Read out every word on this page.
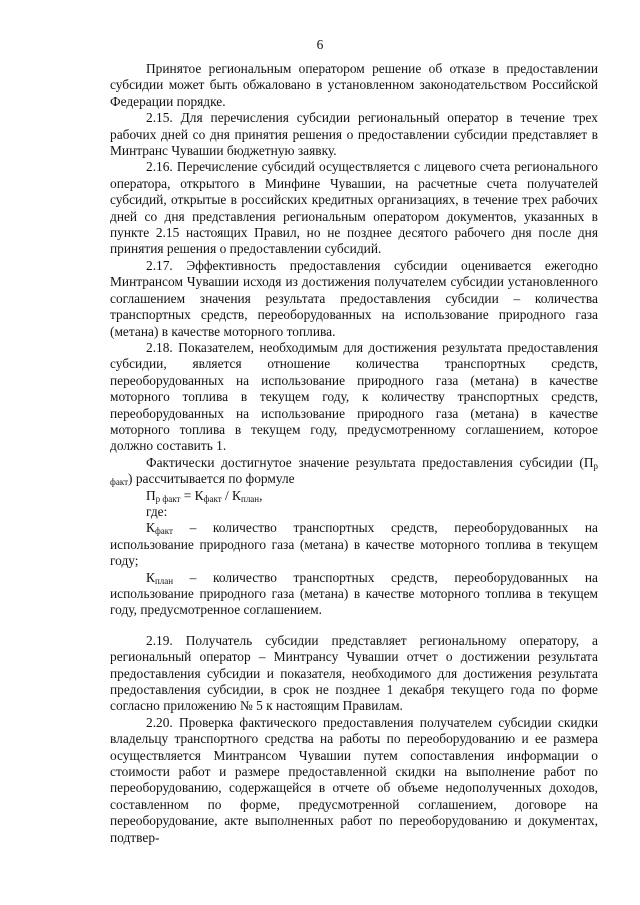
6

Принятое региональным оператором решение об отказе в предоставлении субсидии может быть обжаловано в установленном законодательством Российской Федерации порядке.

2.15. Для перечисления субсидии региональный оператор в течение трех рабочих дней со дня принятия решения о предоставлении субсидии представляет в Минтранс Чувашии бюджетную заявку.

2.16. Перечисление субсидий осуществляется с лицевого счета регионального оператора, открытого в Минфине Чувашии, на расчетные счета получателей субсидий, открытые в российских кредитных организациях, в течение трех рабочих дней со дня представления региональным оператором документов, указанных в пункте 2.15 настоящих Правил, но не позднее десятого рабочего дня после дня принятия решения о предоставлении субсидий.

2.17. Эффективность предоставления субсидии оценивается ежегодно Минтрансом Чувашии исходя из достижения получателем субсидии установленного соглашением значения результата предоставления субсидии – количества транспортных средств, переоборудованных на использование природного газа (метана) в качестве моторного топлива.

2.18. Показателем, необходимым для достижения результата предоставления субсидии, является отношение количества транспортных средств, переоборудованных на использование природного газа (метана) в качестве моторного топлива в текущем году, к количеству транспортных средств, переоборудованных на использование природного газа (метана) в качестве моторного топлива в текущем году, предусмотренному соглашением, которое должно составить 1.

Фактически достигнутое значение результата предоставления субсидии $(П_{р факт})$ рассчитывается по формуле

$П_{р факт} = К_{факт} / К_{план}$,

где:

$К_{факт}$ – количество транспортных средств, переоборудованных на использование природного газа (метана) в качестве моторного топлива в текущем году;

$К_{план}$ – количество транспортных средств, переоборудованных на использование природного газа (метана) в качестве моторного топлива в текущем году, предусмотренное соглашением.

2.19. Получатель субсидии представляет региональному оператору, а региональный оператор – Минтрансу Чувашии отчет о достижении результата предоставления субсидии и показателя, необходимого для достижения результата предоставления субсидии, в срок не позднее 1 декабря текущего года по форме согласно приложению № 5 к настоящим Правилам.

2.20. Проверка фактического предоставления получателем субсидии скидки владельцу транспортного средства на работы по переоборудованию и ее размера осуществляется Минтрансом Чувашии путем сопоставления информации о стоимости работ и размере предоставленной скидки на выполнение работ по переоборудованию, содержащейся в отчете об объеме недополученных доходов, составленном по форме, предусмотренной соглашением, договоре на переоборудование, акте выполненных работ по переоборудованию и документах, подтвер-
